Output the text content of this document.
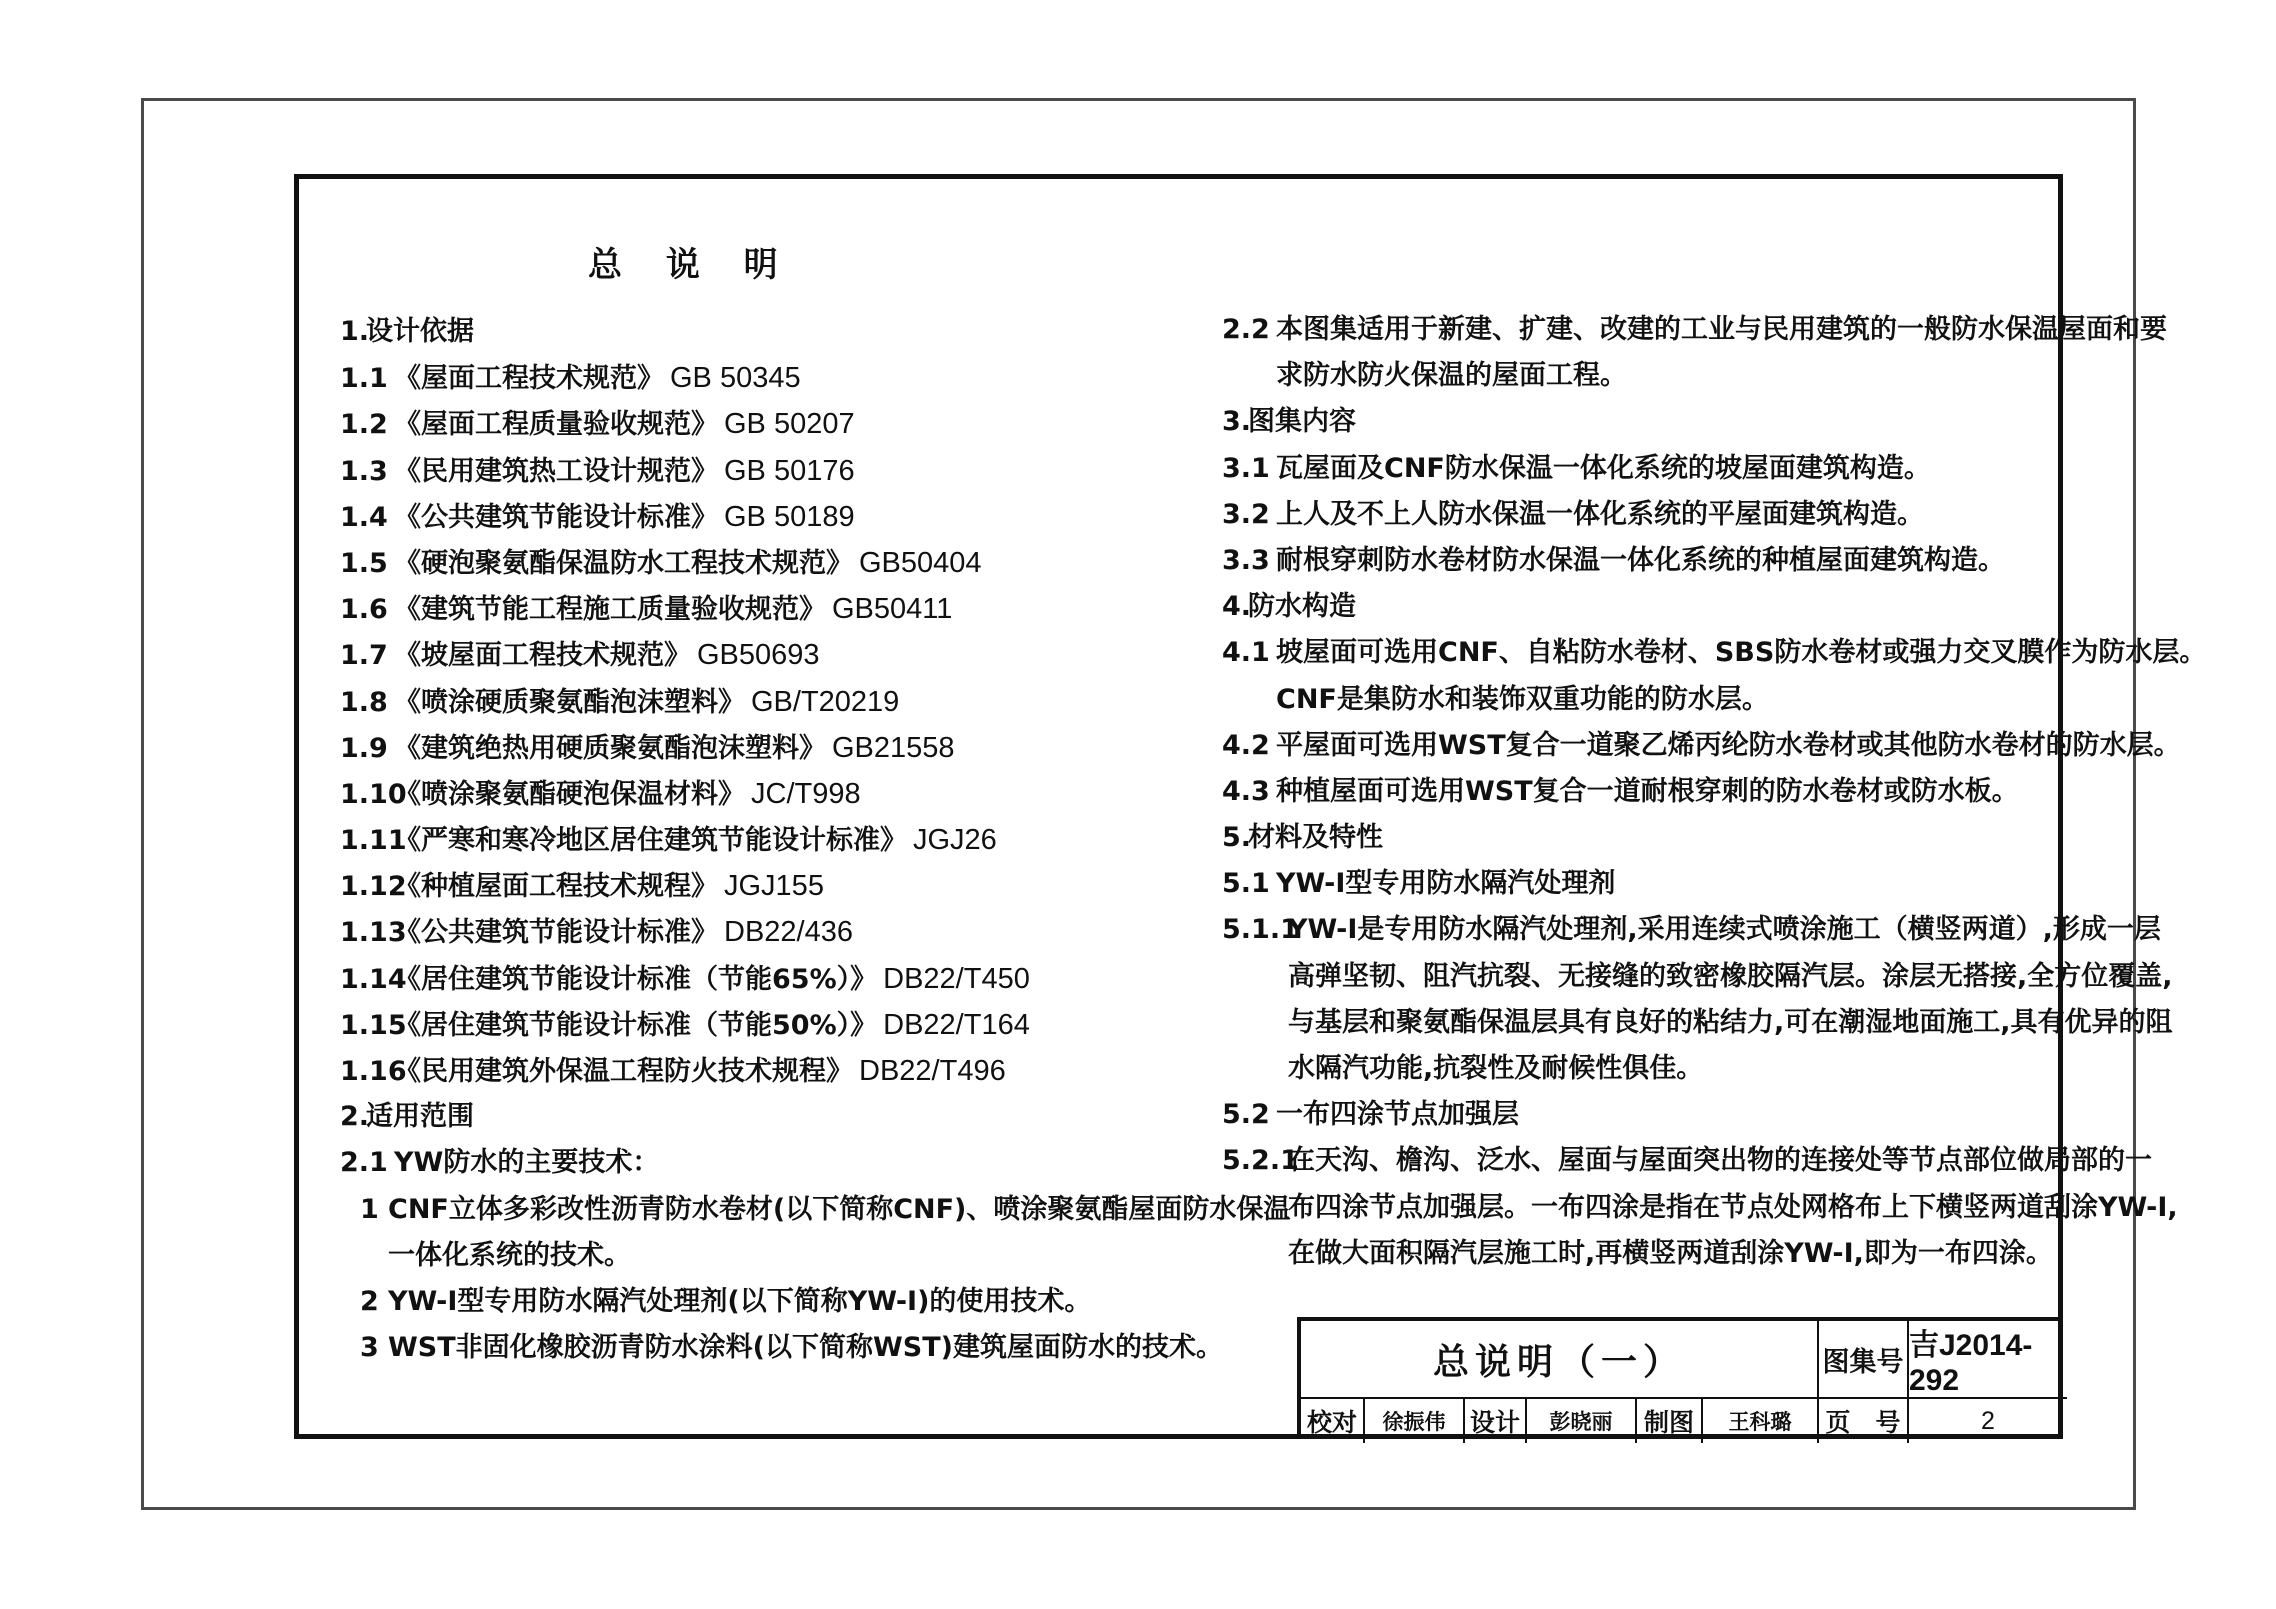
总 说 明
1.设计依据
1.1 《屋面工程技术规范》 GB 50345
1.2 《屋面工程质量验收规范》 GB 50207
1.3 《民用建筑热工设计规范》 GB 50176
1.4 《公共建筑节能设计标准》 GB 50189
1.5 《硬泡聚氨酯保温防水工程技术规范》 GB50404
1.6 《建筑节能工程施工质量验收规范》 GB50411
1.7 《坡屋面工程技术规范》 GB50693
1.8 《喷涂硬质聚氨酯泡沫塑料》 GB/T20219
1.9 《建筑绝热用硬质聚氨酯泡沫塑料》 GB21558
1.10《喷涂聚氨酯硬泡保温材料》 JC/T998
1.11《严寒和寒冷地区居住建筑节能设计标准》 JGJ26
1.12《种植屋面工程技术规程》 JGJ155
1.13《公共建筑节能设计标准》 DB22/436
1.14《居住建筑节能设计标准（节能65%）》 DB22/T450
1.15《居住建筑节能设计标准（节能50%）》 DB22/T164
1.16《民用建筑外保温工程防火技术规程》 DB22/T496
2.适用范围
2.1 YW防水的主要技术：
1 CNF立体多彩改性沥青防水卷材(以下简称CNF)、喷涂聚氨酯屋面防水保温
一体化系统的技术。
2 YW-I型专用防水隔汽处理剂(以下简称YW-I)的使用技术。
3 WST非固化橡胶沥青防水涂料(以下简称WST)建筑屋面防水的技术。
2.2 本图集适用于新建、扩建、改建的工业与民用建筑的一般防水保温屋面和要
求防水防火保温的屋面工程。
3.图集内容
3.1 瓦屋面及CNF防水保温一体化系统的坡屋面建筑构造。
3.2 上人及不上人防水保温一体化系统的平屋面建筑构造。
3.3 耐根穿刺防水卷材防水保温一体化系统的种植屋面建筑构造。
4.防水构造
4.1 坡屋面可选用CNF、自粘防水卷材、SBS防水卷材或强力交叉膜作为防水层。
CNF是集防水和装饰双重功能的防水层。
4.2 平屋面可选用WST复合一道聚乙烯丙纶防水卷材或其他防水卷材的防水层。
4.3 种植屋面可选用WST复合一道耐根穿刺的防水卷材或防水板。
5.材料及特性
5.1 YW-I型专用防水隔汽处理剂
5.1.1YW-I是专用防水隔汽处理剂,采用连续式喷涂施工（横竖两道）,形成一层
高弹坚韧、阻汽抗裂、无接缝的致密橡胶隔汽层。涂层无搭接,全方位覆盖,
与基层和聚氨酯保温层具有良好的粘结力,可在潮湿地面施工,具有优异的阻
水隔汽功能,抗裂性及耐候性俱佳。
5.2 一布四涂节点加强层
5.2.1在天沟、檐沟、泛水、屋面与屋面突出物的连接处等节点部位做局部的一
布四涂节点加强层。一布四涂是指在节点处网格布上下横竖两道刮涂YW-I,
在做大面积隔汽层施工时,再横竖两道刮涂YW-I,即为一布四涂。
总说明（一）	图集号 吉J2014-292
校对	徐振伟 设计	彭晓丽	制图	王科璐	页　号	2
